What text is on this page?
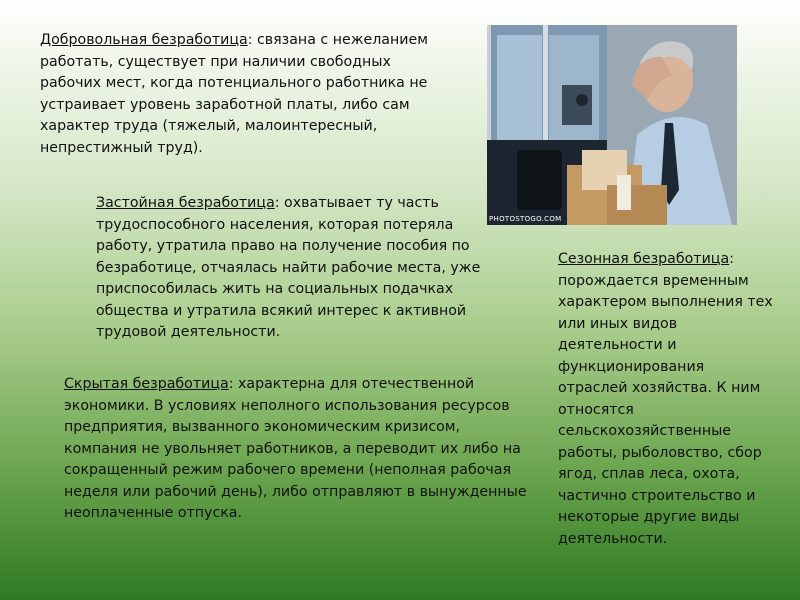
Добровольная безработица: связана с нежеланием работать, существует при наличии свободных рабочих мест, когда потенциального работника не устраивает уровень заработной платы, либо сам характер труда (тяжелый, малоинтересный, непрестижный труд).
Застойная безработица: охватывает ту часть трудоспособного населения, которая потеряла работу, утратила право на получение пособия по безработице, отчаялась найти рабочие места, уже приспособилась жить на социальных подачках общества и утратила всякий интерес к активной трудовой деятельности.
Скрытая безработица: характерна для отечественной экономики. В условиях неполного использования ресурсов предприятия, вызванного экономическим кризисом, компания не увольняет работников, а переводит их либо на сокращенный режим рабочего времени (неполная рабочая неделя или рабочий день), либо отправляют в вынужденные неоплаченные отпуска.
Сезонная безработица: порождается временным характером выполнения тех или иных видов деятельности и функционирования отраслей хозяйства. К ним относятся сельскохозяйственные работы, рыболовство, сбор ягод, сплав леса, охота, частично строительство и некоторые другие виды деятельности.
PHOTOSTOGO.COM
